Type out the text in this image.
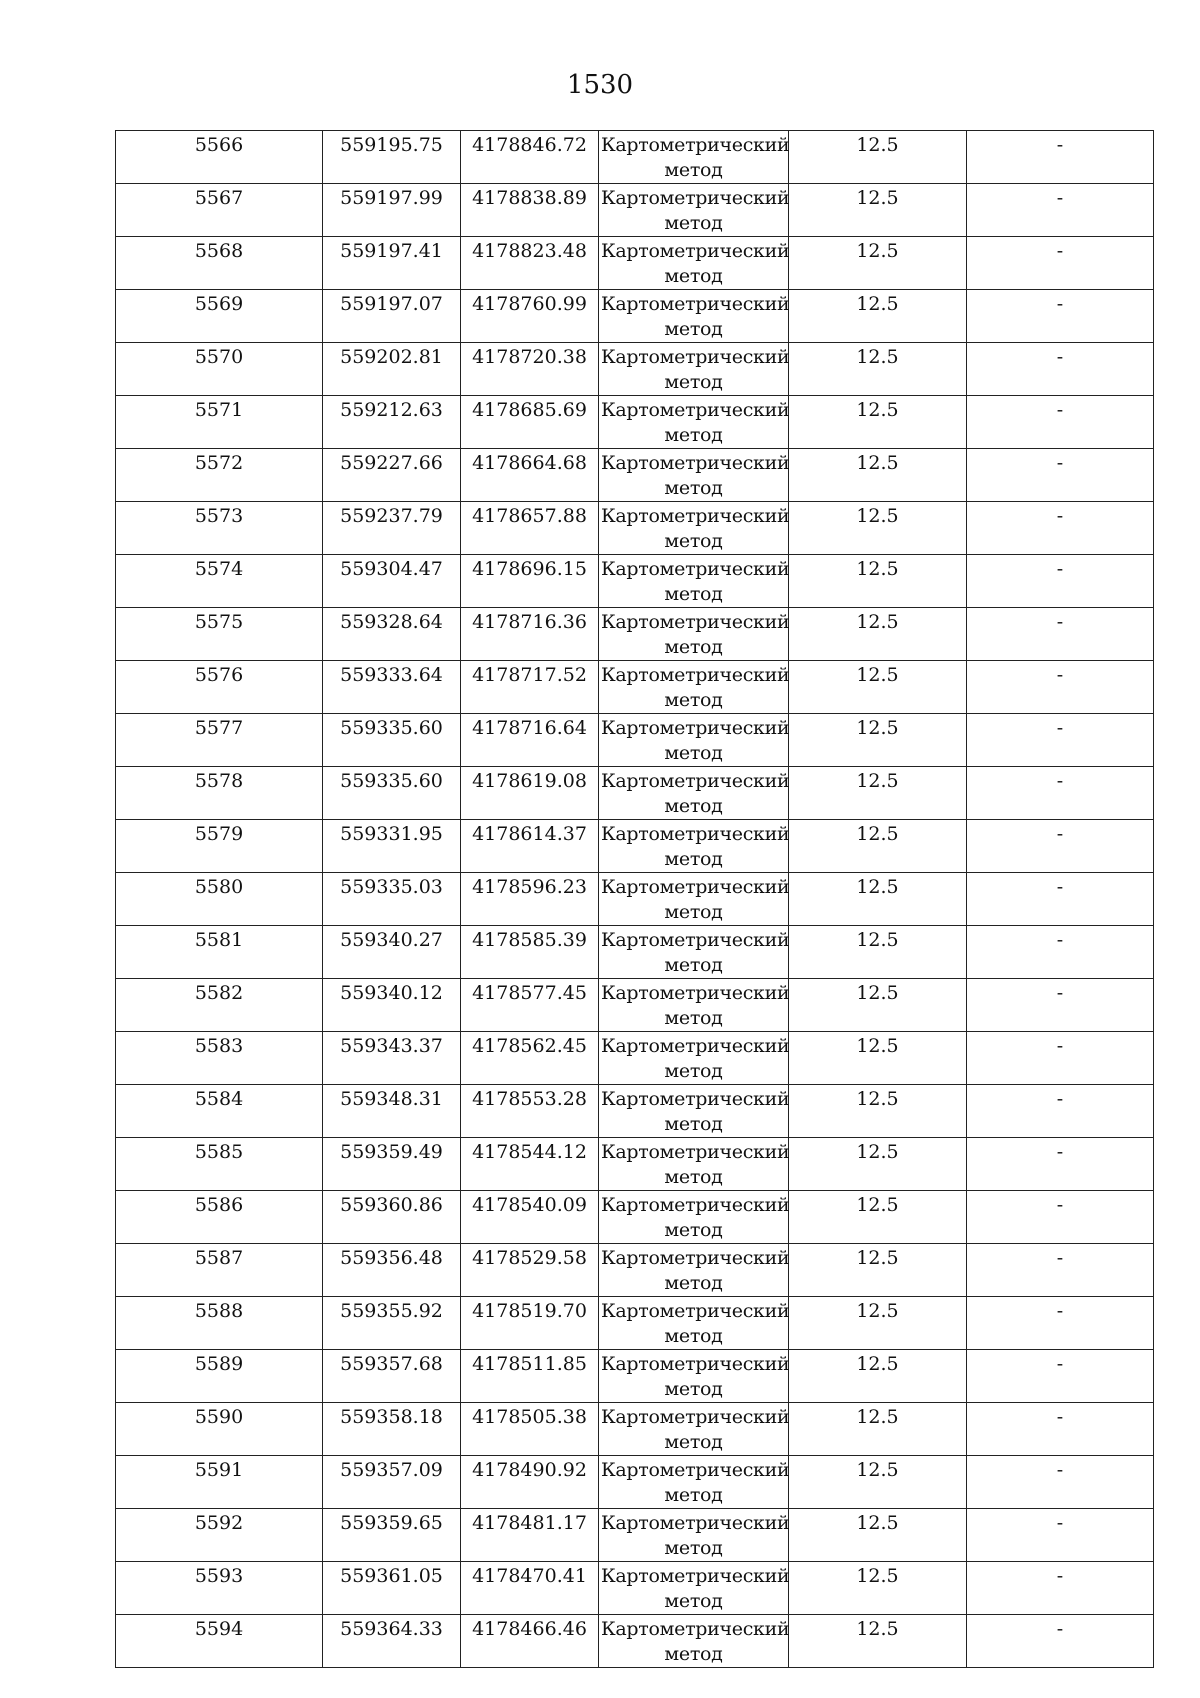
1530
5566	559195.75	4178846.72	Картометрический метод	12.5	-
5567	559197.99	4178838.89	Картометрический метод	12.5	-
5568	559197.41	4178823.48	Картометрический метод	12.5	-
5569	559197.07	4178760.99	Картометрический метод	12.5	-
5570	559202.81	4178720.38	Картометрический метод	12.5	-
5571	559212.63	4178685.69	Картометрический метод	12.5	-
5572	559227.66	4178664.68	Картометрический метод	12.5	-
5573	559237.79	4178657.88	Картометрический метод	12.5	-
5574	559304.47	4178696.15	Картометрический метод	12.5	-
5575	559328.64	4178716.36	Картометрический метод	12.5	-
5576	559333.64	4178717.52	Картометрический метод	12.5	-
5577	559335.60	4178716.64	Картометрический метод	12.5	-
5578	559335.60	4178619.08	Картометрический метод	12.5	-
5579	559331.95	4178614.37	Картометрический метод	12.5	-
5580	559335.03	4178596.23	Картометрический метод	12.5	-
5581	559340.27	4178585.39	Картометрический метод	12.5	-
5582	559340.12	4178577.45	Картометрический метод	12.5	-
5583	559343.37	4178562.45	Картометрический метод	12.5	-
5584	559348.31	4178553.28	Картометрический метод	12.5	-
5585	559359.49	4178544.12	Картометрический метод	12.5	-
5586	559360.86	4178540.09	Картометрический метод	12.5	-
5587	559356.48	4178529.58	Картометрический метод	12.5	-
5588	559355.92	4178519.70	Картометрический метод	12.5	-
5589	559357.68	4178511.85	Картометрический метод	12.5	-
5590	559358.18	4178505.38	Картометрический метод	12.5	-
5591	559357.09	4178490.92	Картометрический метод	12.5	-
5592	559359.65	4178481.17	Картометрический метод	12.5	-
5593	559361.05	4178470.41	Картометрический метод	12.5	-
5594	559364.33	4178466.46	Картометрический метод	12.5	-
